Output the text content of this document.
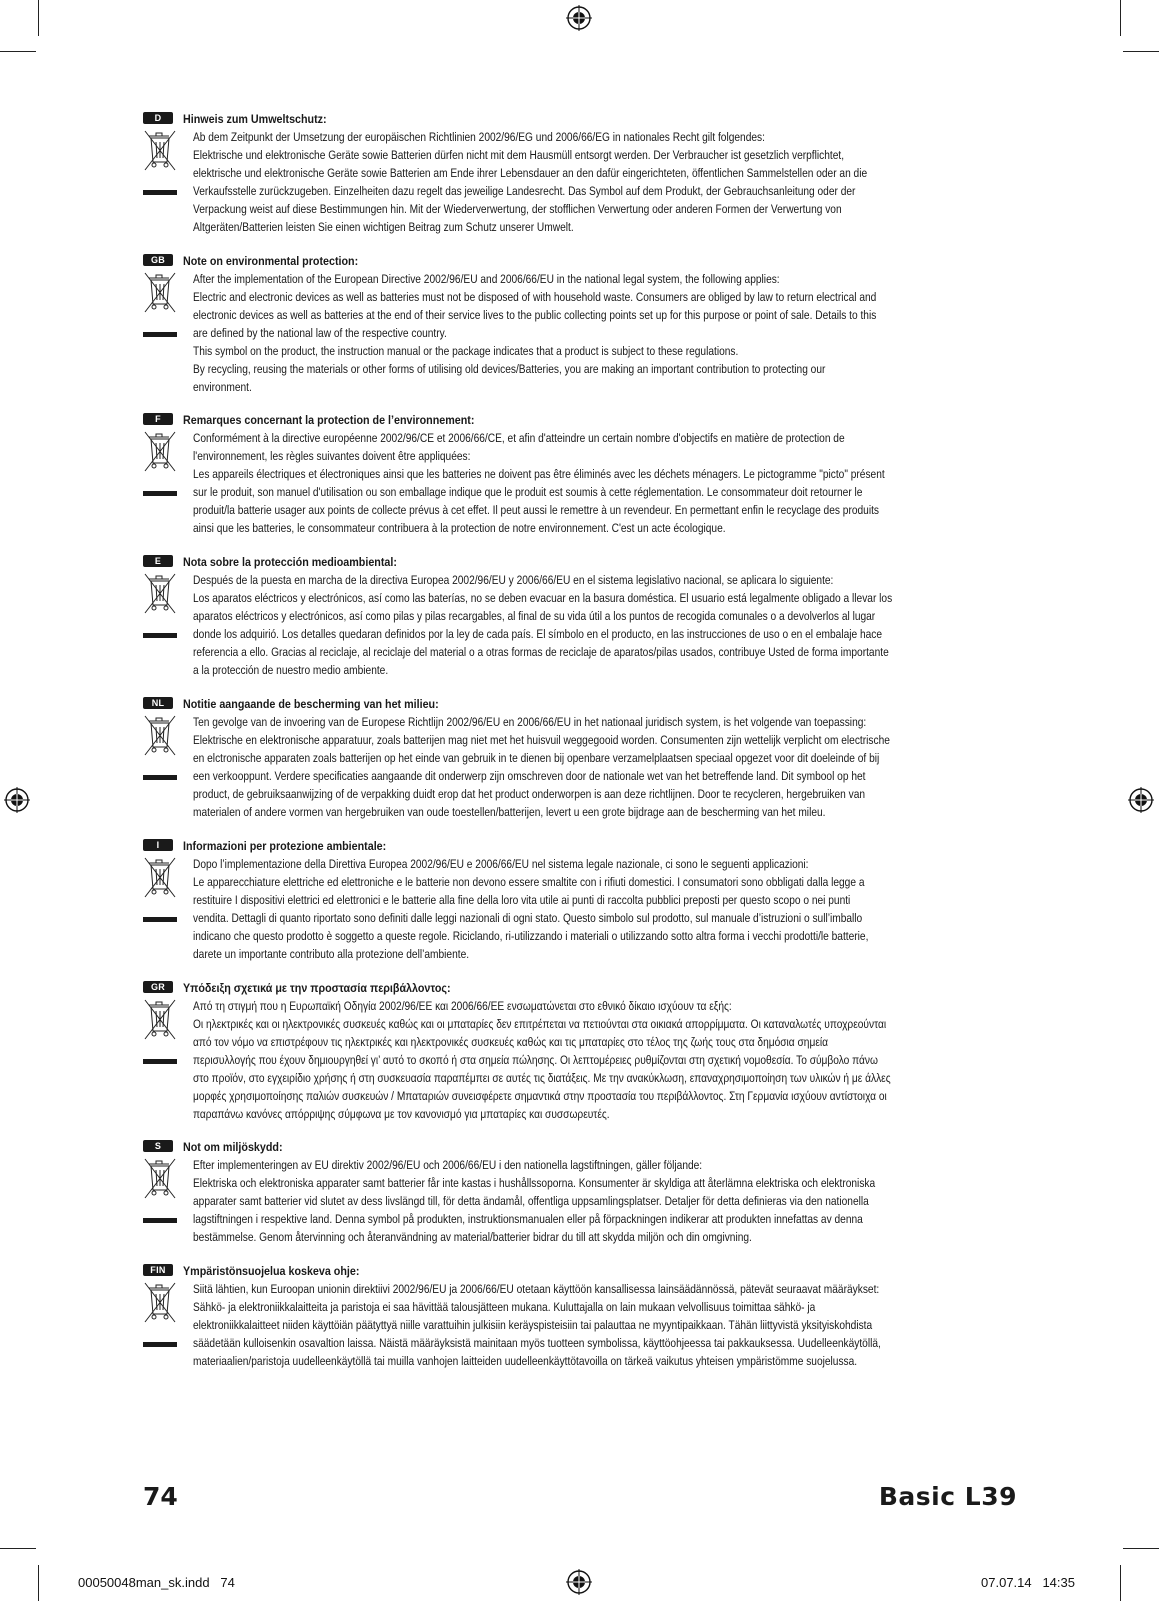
D	Hinweis zum Umweltschutz:
Ab dem Zeitpunkt der Umsetzung der europäischen Richtlinien 2002/96/EG und 2006/66/EG in nationales Recht gilt folgendes:
Elektrische und elektronische Geräte sowie Batterien dürfen nicht mit dem Hausmüll entsorgt werden. Der Verbraucher ist gesetzlich verpflichtet,
elektrische und elektronische Geräte sowie Batterien am Ende ihrer Lebensdauer an den dafür eingerichteten, öffentlichen Sammelstellen oder an die
Verkaufsstelle zurückzugeben. Einzelheiten dazu regelt das jeweilige Landesrecht. Das Symbol auf dem Produkt, der Gebrauchsanleitung oder der
Verpackung weist auf diese Bestimmungen hin. Mit der Wiederverwertung, der stofflichen Verwertung oder anderen Formen der Verwertung von
Altgeräten/Batterien leisten Sie einen wichtigen Beitrag zum Schutz unserer Umwelt.
GB	Note on environmental protection:
After the implementation of the European Directive 2002/96/EU and 2006/66/EU in the national legal system, the following applies:
Electric and electronic devices as well as batteries must not be disposed of with household waste. Consumers are obliged by law to return electrical and
electronic devices as well as batteries at the end of their service lives to the public collecting points set up for this purpose or point of sale. Details to this
are defined by the national law of the respective country.
This symbol on the product, the instruction manual or the package indicates that a product is subject to these regulations.
By recycling, reusing the materials or other forms of utilising old devices/Batteries, you are making an important contribution to protecting our
environment.
F	Remarques concernant la protection de l’environnement:
Conformément à la directive européenne 2002/96/CE et 2006/66/CE, et afin d'atteindre un certain nombre d'objectifs en matière de protection de
l'environnement, les règles suivantes doivent être appliquées:
Les appareils électriques et électroniques ainsi que les batteries ne doivent pas être éliminés avec les déchets ménagers. Le pictogramme "picto" présent
sur le produit, son manuel d'utilisation ou son emballage indique que le produit est soumis à cette réglementation. Le consommateur doit retourner le
produit/la batterie usager aux points de collecte prévus à cet effet. Il peut aussi le remettre à un revendeur. En permettant enfin le recyclage des produits
ainsi que les batteries, le consommateur contribuera à la protection de notre environnement. C'est un acte écologique.
E	Nota sobre la protección medioambiental:
Después de la puesta en marcha de la directiva Europea 2002/96/EU y 2006/66/EU en el sistema legislativo nacional, se aplicara lo siguiente:
Los aparatos eléctricos y electrónicos, así como las baterías, no se deben evacuar en la basura doméstica. El usuario está legalmente obligado a llevar los
aparatos eléctricos y electrónicos, así como pilas y pilas recargables, al final de su vida útil a los puntos de recogida comunales o a devolverlos al lugar
donde los adquirió. Los detalles quedaran definidos por la ley de cada país. El símbolo en el producto, en las instrucciones de uso o en el embalaje hace
referencia a ello. Gracias al reciclaje, al reciclaje del material o a otras formas de reciclaje de aparatos/pilas usados, contribuye Usted de forma importante
a la protección de nuestro medio ambiente.
NL	Notitie aangaande de bescherming van het milieu:
Ten gevolge van de invoering van de Europese Richtlijn 2002/96/EU en 2006/66/EU in het nationaal juridisch system, is het volgende van toepassing:
Elektrische en elektronische apparatuur, zoals batterijen mag niet met het huisvuil weggegooid worden. Consumenten zijn wettelijk verplicht om electrische
en elctronische apparaten zoals batterijen op het einde van gebruik in te dienen bij openbare verzamelplaatsen speciaal opgezet voor dit doeleinde of bij
een verkooppunt. Verdere specificaties aangaande dit onderwerp zijn omschreven door de nationale wet van het betreffende land. Dit symbool op het
product, de gebruiksaanwijzing of de verpakking duidt erop dat het product onderworpen is aan deze richtlijnen. Door te recycleren, hergebruiken van
materialen of andere vormen van hergebruiken van oude toestellen/batterijen, levert u een grote bijdrage aan de bescherming van het mileu.
I	Informazioni per protezione ambientale:
Dopo l’implementazione della Direttiva Europea 2002/96/EU e 2006/66/EU nel sistema legale nazionale, ci sono le seguenti applicazioni:
Le apparecchiature elettriche ed elettroniche e le batterie non devono essere smaltite con i rifiuti domestici. I consumatori sono obbligati dalla legge a
restituire I dispositivi elettrici ed elettronici e le batterie alla fine della loro vita utile ai punti di raccolta pubblici preposti per questo scopo o nei punti
vendita. Dettagli di quanto riportato sono definiti dalle leggi nazionali di ogni stato. Questo simbolo sul prodotto, sul manuale d’istruzioni o sull’imballo
indicano che questo prodotto è soggetto a queste regole. Riciclando, ri-utilizzando i materiali o utilizzando sotto altra forma i vecchi prodotti/le batterie,
darete un importante contributo alla protezione dell’ambiente.
GR	Υπόδειξη σχετικά με την προστασία περιβάλλοντος:
Από τη στιγμή που η Ευρωπαϊκή Οδηγία 2002/96/ΕE και 2006/66/ΕE ενσωματώνεται στο εθνικό δίκαιο ισχύουν τα εξής:
Οι ηλεκτρικές και οι ηλεκτρονικές συσκευές καθώς και οι μπαταρίες δεν επιτρέπεται να πετιούνται στα οικιακά απορρίμματα. Οι καταναλωτές υποχρεούνται
από τον νόμο να επιστρέφουν τις ηλεκτρικές και ηλεκτρονικές συσκευές καθώς και τις μπαταρίες στο τέλος της ζωής τους στα δημόσια σημεία
περισυλλογής που έχουν δημιουργηθεί γι’ αυτό το σκοπό ή στα σημεία πώλησης. Οι λεπτομέρειες ρυθμίζονται στη σχετική νομοθεσία. Το σύμβολο πάνω
στο προϊόν, στο εγχειρίδιο χρήσης ή στη συσκευασία παραπέμπει σε αυτές τις διατάξεις. Με την ανακύκλωση, επαναχρησιμοποίηση των υλικών ή με άλλες
μορφές χρησιμοποίησης παλιών συσκευών / Μπαταριών συνεισφέρετε σημαντικά στην προστασία του περιβάλλοντος. Στη Γερμανία ισχύουν αντίστοιχα οι
παραπάνω κανόνες απόρριψης σύμφωνα με τον κανονισμό για μπαταρίες και συσσωρευτές.
S	Not om miljöskydd:
Efter implementeringen av EU direktiv 2002/96/EU och 2006/66/EU i den nationella lagstiftningen, gäller följande:
Elektriska och elektroniska apparater samt batterier får inte kastas i hushållssoporna. Konsumenter är skyldiga att återlämna elektriska och elektroniska
apparater samt batterier vid slutet av dess livslängd till, för detta ändamål, offentliga uppsamlingsplatser. Detaljer för detta definieras via den nationella
lagstiftningen i respektive land. Denna symbol på produkten, instruktionsmanualen eller på förpackningen indikerar att produkten innefattas av denna
bestämmelse. Genom återvinning och återanvändning av material/batterier bidrar du till att skydda miljön och din omgivning.
FIN	Ympäristönsuojelua koskeva ohje:
Siitä lähtien, kun Euroopan unionin direktiivi 2002/96/EU ja 2006/66/EU otetaan käyttöön kansallisessa lainsäädännössä, pätevät seuraavat määräykset:
Sähkö- ja elektroniikkalaitteita ja paristoja ei saa hävittää talousjätteen mukana. Kuluttajalla on lain mukaan velvollisuus toimittaa sähkö- ja
elektroniikkalaitteet niiden käyttöiän päätyttyä niille varattuihin julkisiin keräyspisteisiin tai palauttaa ne myyntipaikkaan. Tähän liittyvistä yksityiskohdista
säädetään kulloisenkin osavaltion laissa. Näistä määräyksistä mainitaan myös tuotteen symbolissa, käyttöohjeessa tai pakkauksessa. Uudelleenkäytöllä,
materiaalien/paristoja uudelleenkäytöllä tai muilla vanhojen laitteiden uudelleenkäyttötavoilla on tärkeä vaikutus yhteisen ympäristömme suojelussa.
74	Basic L39
00050048man_sk.indd   74	07.07.14   14:35
